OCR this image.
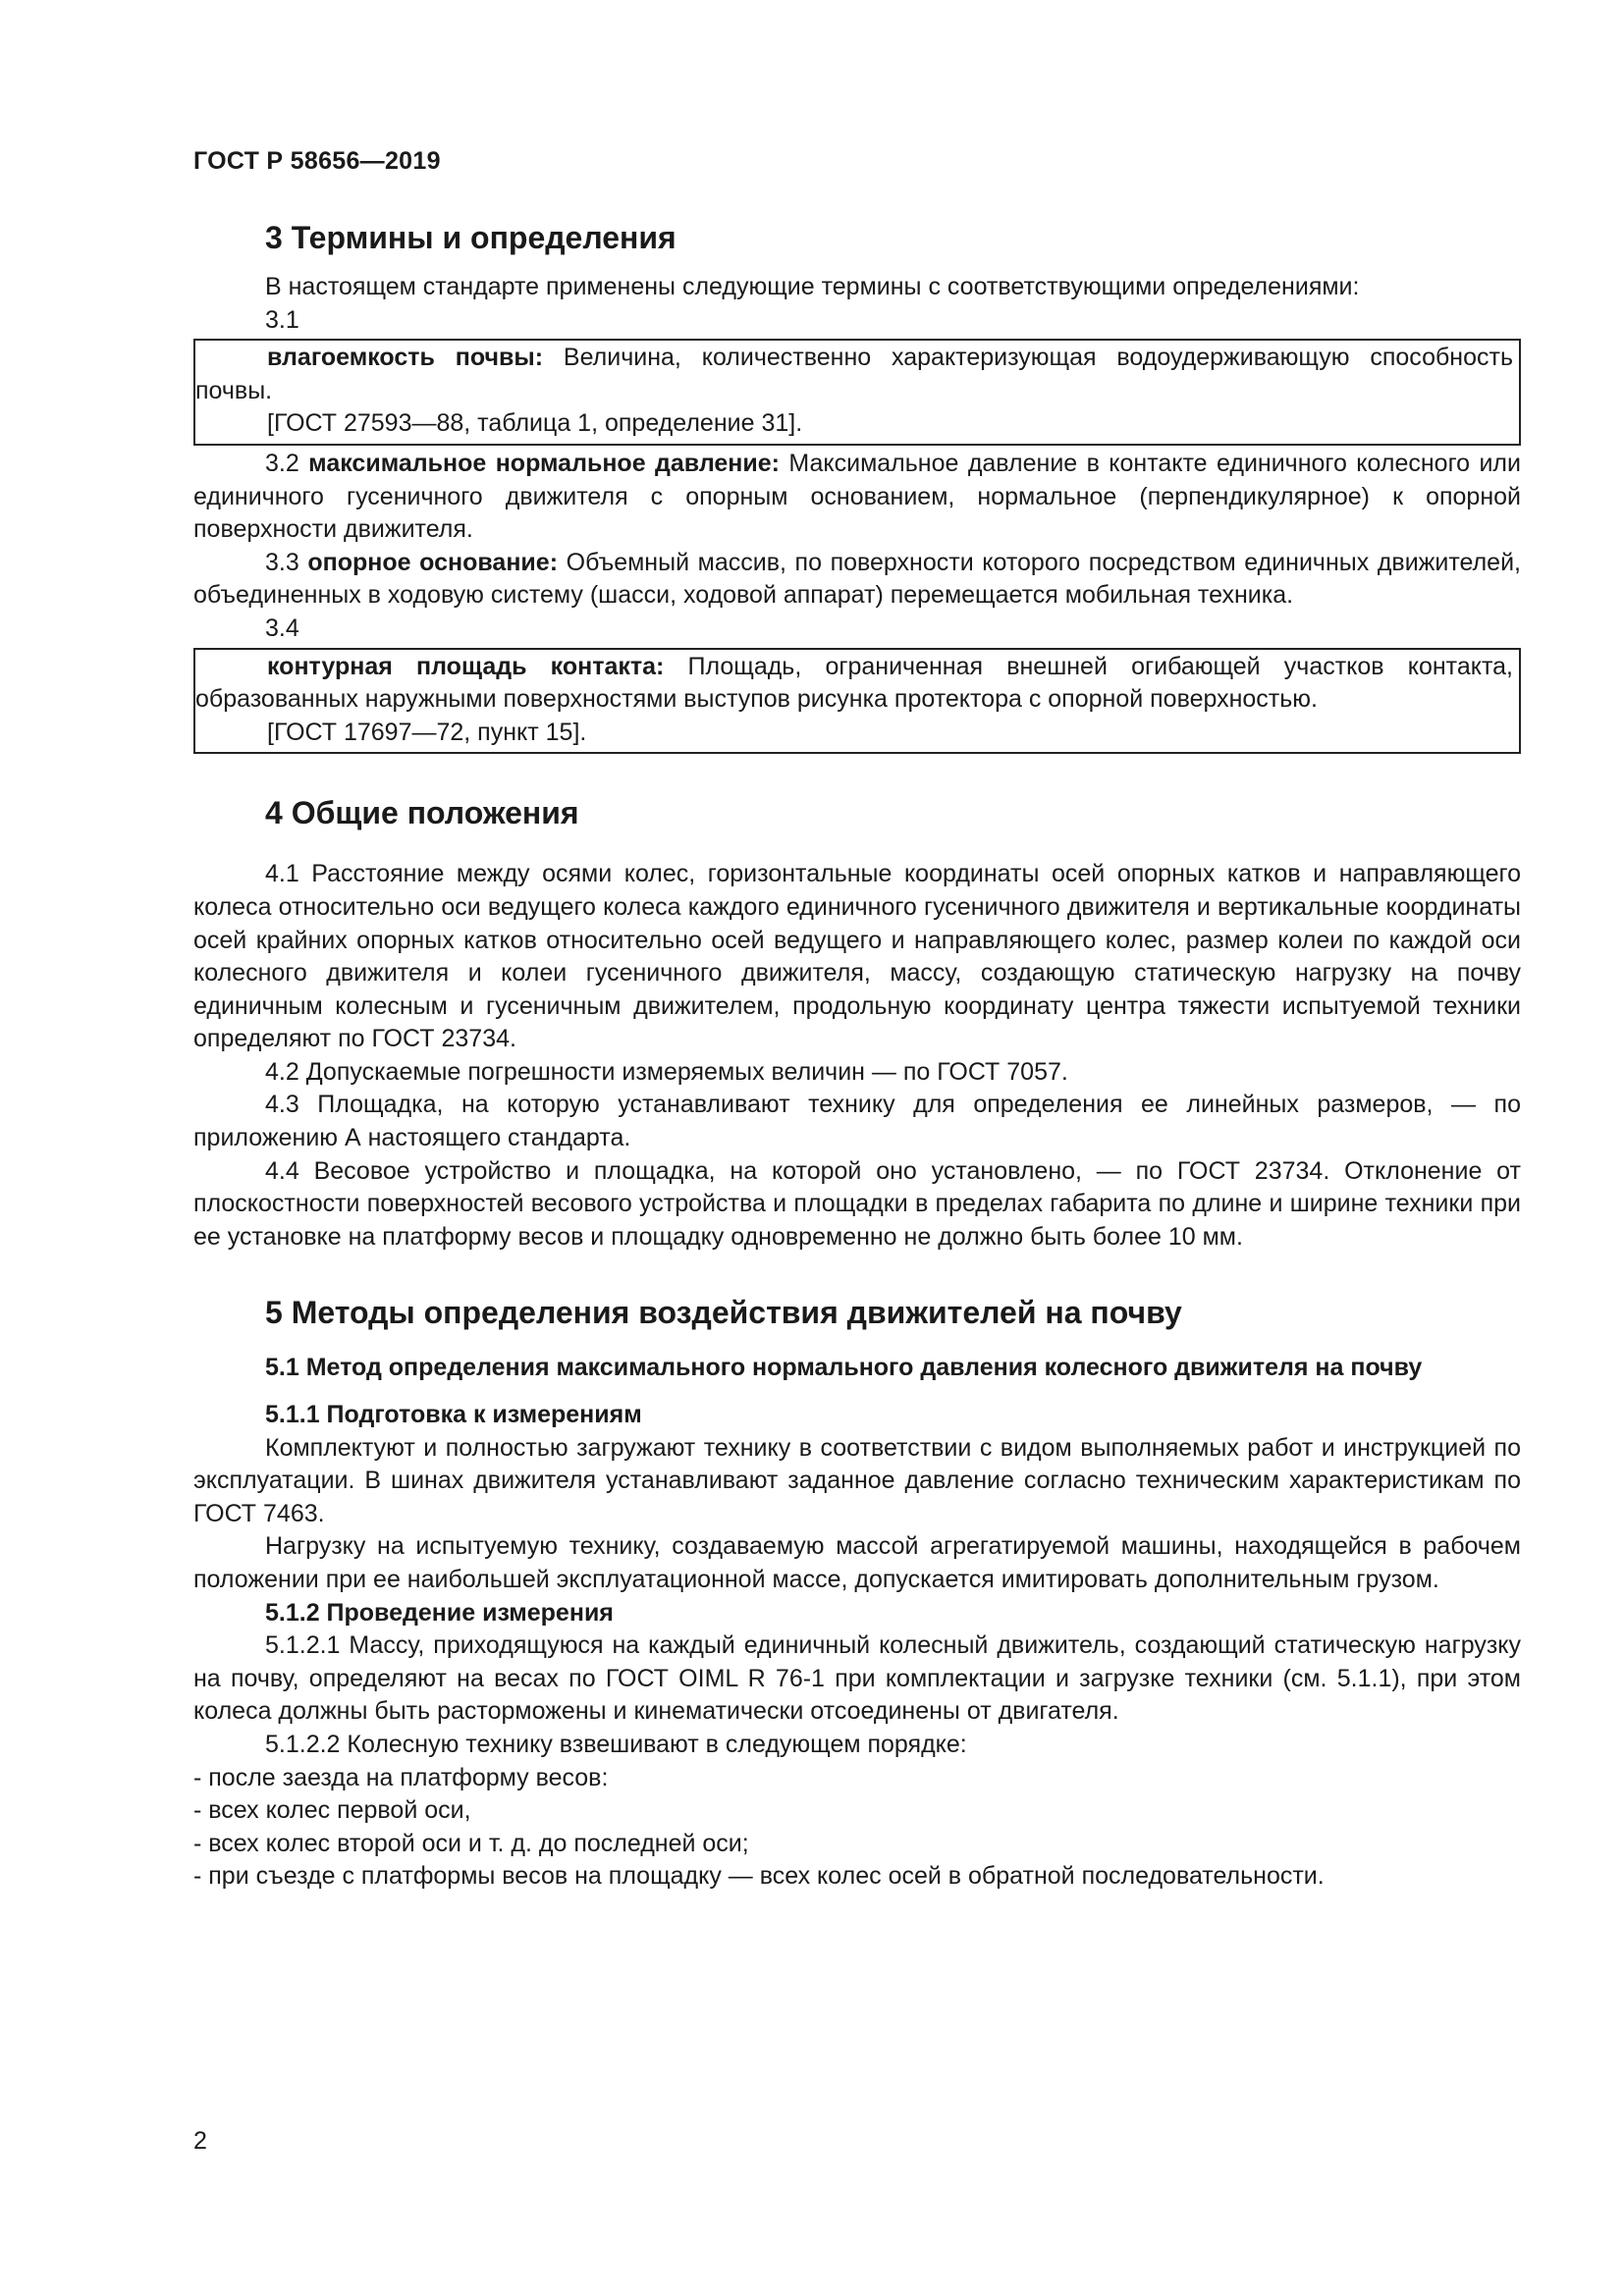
ГОСТ Р 58656—2019
3 Термины и определения

В настоящем стандарте применены следующие термины с соответствующими определениями:

3.1

влагоемкость почвы: Величина, количественно характеризующая водоудерживающую способность почвы.

[ГОСТ 27593—88, таблица 1, определение 31].

3.2 максимальное нормальное давление: Максимальное давление в контакте единичного колесного или единичного гусеничного движителя с опорным основанием, нормальное (перпендикулярное) к опорной поверхности движителя.

3.3 опорное основание: Объемный массив, по поверхности которого посредством единичных движителей, объединенных в ходовую систему (шасси, ходовой аппарат) перемещается мобильная техника.

3.4

контурная площадь контакта: Площадь, ограниченная внешней огибающей участков контакта, образованных наружными поверхностями выступов рисунка протектора с опорной поверхностью.

[ГОСТ 17697—72, пункт 15].

4 Общие положения

4.1 Расстояние между осями колес, горизонтальные координаты осей опорных катков и направляющего колеса относительно оси ведущего колеса каждого единичного гусеничного движителя и вертикальные координаты осей крайних опорных катков относительно осей ведущего и направляющего колес, размер колеи по каждой оси колесного движителя и колеи гусеничного движителя, массу, создающую статическую нагрузку на почву единичным колесным и гусеничным движителем, продольную координату центра тяжести испытуемой техники определяют по ГОСТ 23734.

4.2 Допускаемые погрешности измеряемых величин — по ГОСТ 7057.

4.3 Площадка, на которую устанавливают технику для определения ее линейных размеров, — по приложению А настоящего стандарта.

4.4 Весовое устройство и площадка, на которой оно установлено, — по ГОСТ 23734. Отклонение от плоскостности поверхностей весового устройства и площадки в пределах габарита по длине и ширине техники при ее установке на платформу весов и площадку одновременно не должно быть более 10 мм.

5 Методы определения воздействия движителей на почву
5.1 Метод определения максимального нормального давления колесного движителя на почву
5.1.1 Подготовка к измерениям

Комплектуют и полностью загружают технику в соответствии с видом выполняемых работ и инструкцией по эксплуатации. В шинах движителя устанавливают заданное давление согласно техническим характеристикам по ГОСТ 7463.

Нагрузку на испытуемую технику, создаваемую массой агрегатируемой машины, находящейся в рабочем положении при ее наибольшей эксплуатационной массе, допускается имитировать дополнительным грузом.

5.1.2 Проведение измерения

5.1.2.1 Массу, приходящуюся на каждый единичный колесный движитель, создающий статическую нагрузку на почву, определяют на весах по ГОСТ OIML R 76-1 при комплектации и загрузке техники (см. 5.1.1), при этом колеса должны быть расторможены и кинематически отсоединены от двигателя.

5.1.2.2 Колесную технику взвешивают в следующем порядке:

- после заезда на платформу весов:

- всех колес первой оси,

- всех колес второй оси и т. д. до последней оси;

- при съезде с платформы весов на площадку — всех колес осей в обратной последовательности.

2
